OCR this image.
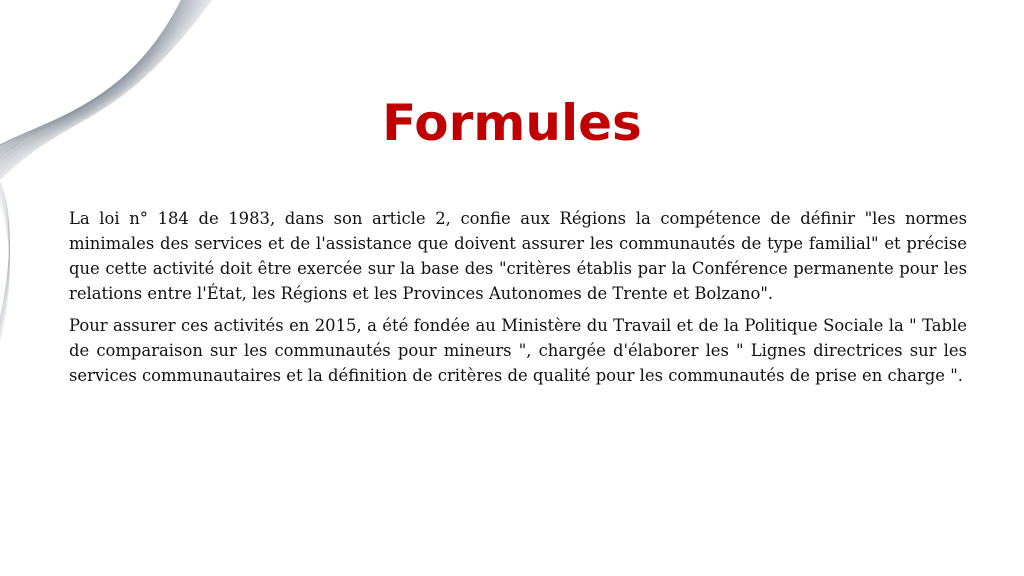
Formules

La loi n° 184 de 1983, dans son article 2, confie aux Régions la compétence de définir "les normes minimales des services et de l'assistance que doivent assurer les communautés de type familial" et précise que cette activité doit être exercée sur la base des "critères établis par la Conférence permanente pour les relations entre l'État, les Régions et les Provinces Autonomes de Trente et Bolzano".

Pour assurer ces activités en 2015, a été fondée au Ministère du Travail et de la Politique Sociale la " Table de comparaison sur les communautés pour mineurs ", chargée d'élaborer les " Lignes directrices sur les services communautaires et la définition de critères de qualité pour les communautés de prise en charge ".
